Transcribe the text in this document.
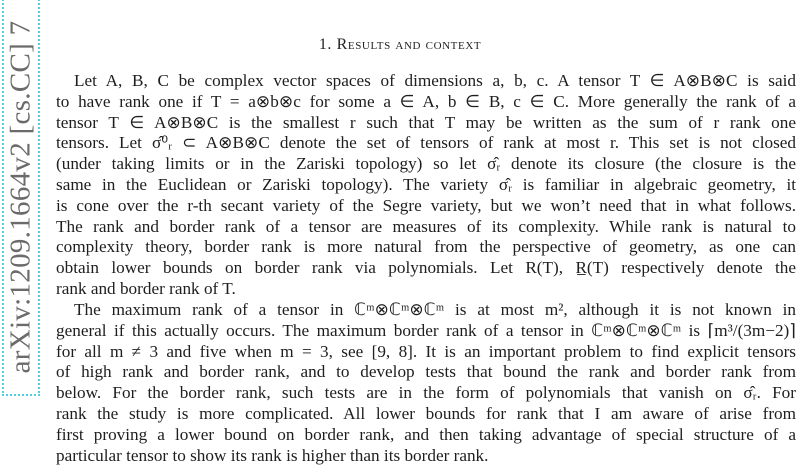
arXiv:1209.1664v2 [cs.CC] 7	1. Results and context
Let A, B, C be complex vector spaces of dimensions a, b, c. A tensor T ∈ A⊗B⊗C is said
to have rank one if T = a⊗b⊗c for some a ∈ A, b ∈ B, c ∈ C. More generally the rank of a
tensor T ∈ A⊗B⊗C is the smallest r such that T may be written as the sum of r rank one
tensors. Let σ̂⁰ᵣ ⊂ A⊗B⊗C denote the set of tensors of rank at most r. This set is not closed
(under taking limits or in the Zariski topology) so let σ̂ᵣ denote its closure (the closure is the
same in the Euclidean or Zariski topology). The variety σ̂ᵣ is familiar in algebraic geometry, it
is cone over the r-th secant variety of the Segre variety, but we won’t need that in what follows.
The rank and border rank of a tensor are measures of its complexity. While rank is natural to
complexity theory, border rank is more natural from the perspective of geometry, as one can
obtain lower bounds on border rank via polynomials. Let R(T), R̲(T) respectively denote the
rank and border rank of T.
The maximum rank of a tensor in ℂᵐ⊗ℂᵐ⊗ℂᵐ is at most m², although it is not known in
general if this actually occurs. The maximum border rank of a tensor in ℂᵐ⊗ℂᵐ⊗ℂᵐ is ⌈m³/(3m−2)⌉
for all m ≠ 3 and five when m = 3, see [9, 8]. It is an important problem to find explicit tensors
of high rank and border rank, and to develop tests that bound the rank and border rank from
below. For the border rank, such tests are in the form of polynomials that vanish on σ̂ᵣ. For
rank the study is more complicated. All lower bounds for rank that I am aware of arise from
first proving a lower bound on border rank, and then taking advantage of special structure of a
particular tensor to show its rank is higher than its border rank.
